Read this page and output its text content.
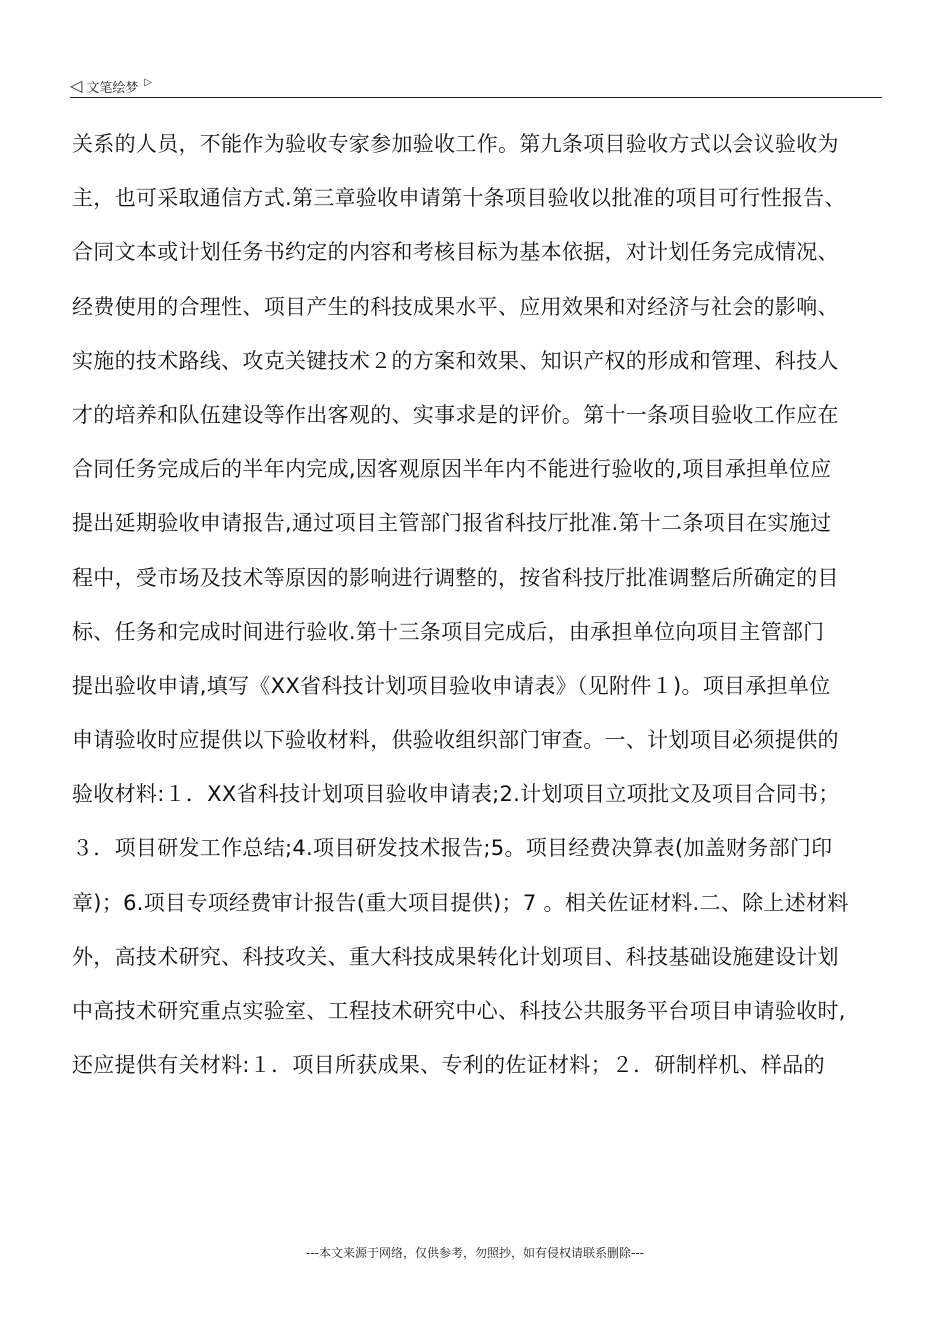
◁ 文笔绘梦 ▷
关系的人员，不能作为验收专家参加验收工作。第九条项目验收方式以会议验收为
主，也可采取通信方式.第三章验收申请第十条项目验收以批准的项目可行性报告、
合同文本或计划任务书约定的内容和考核目标为基本依据，对计划任务完成情况、
经费使用的合理性、项目产生的科技成果水平、应用效果和对经济与社会的影响、
实施的技术路线、攻克关键技术２的方案和效果、知识产权的形成和管理、科技人
才的培养和队伍建设等作出客观的、实事求是的评价。第十一条项目验收工作应在
合同任务完成后的半年内完成,因客观原因半年内不能进行验收的,项目承担单位应
提出延期验收申请报告,通过项目主管部门报省科技厅批准.第十二条项目在实施过
程中，受市场及技术等原因的影响进行调整的，按省科技厅批准调整后所确定的目
标、任务和完成时间进行验收.第十三条项目完成后，由承担单位向项目主管部门
提出验收申请,填写《XX省科技计划项目验收申请表》（见附件１)。项目承担单位
申请验收时应提供以下验收材料，供验收组织部门审查。一、计划项目必须提供的
验收材料:１．XX省科技计划项目验收申请表;2.计划项目立项批文及项目合同书；
３．项目研发工作总结;4.项目研发技术报告;5。项目经费决算表(加盖财务部门印
章)；6.项目专项经费审计报告(重大项目提供)；7 。相关佐证材料.二、除上述材料
外，高技术研究、科技攻关、重大科技成果转化计划项目、科技基础设施建设计划
中高技术研究重点实验室、工程技术研究中心、科技公共服务平台项目申请验收时,
还应提供有关材料:１．项目所获成果、专利的佐证材料；２．研制样机、样品的
---本文来源于网络，仅供参考，勿照抄，如有侵权请联系删除---
